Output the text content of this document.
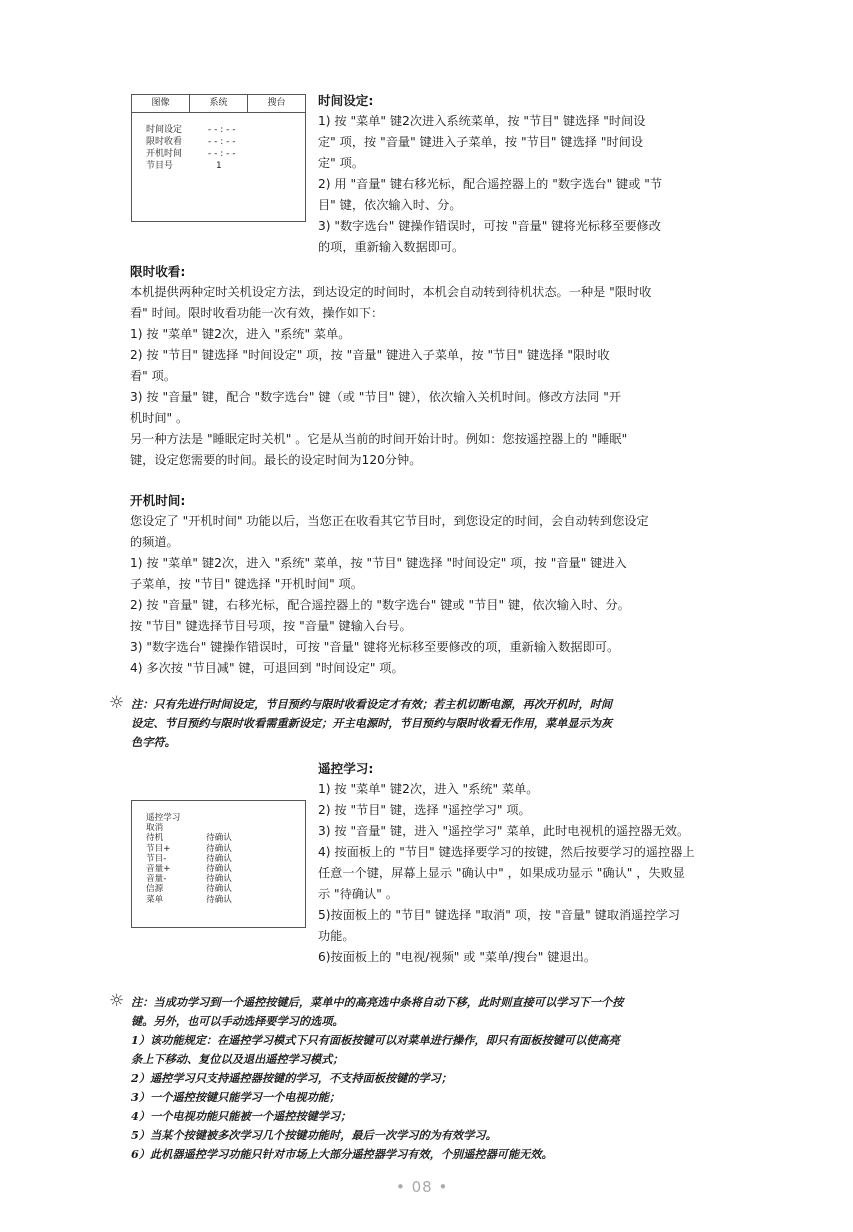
图像	系统	搜台
时间设定	- - : - -
限时收看	- - : - -
开机时间	- - : - -
节目号	1
时间设定:
1) 按 "菜单" 键2次进入系统菜单，按 "节目" 键选择 "时间设
定" 项，按 "音量" 键进入子菜单，按 "节目" 键选择 "时间设
定" 项。
2) 用 "音量" 键右移光标，配合遥控器上的 "数字选台" 键或 "节
目" 键，依次输入时、分。
3) "数字选台" 键操作错误时，可按 "音量" 键将光标移至要修改
的项，重新输入数据即可。
限时收看:
本机提供两种定时关机设定方法，到达设定的时间时，本机会自动转到待机状态。一种是 "限时收
看" 时间。限时收看功能一次有效，操作如下：
1) 按 "菜单" 键2次，进入 "系统" 菜单。
2) 按 "节目" 键选择 "时间设定" 项，按 "音量" 键进入子菜单，按 "节目" 键选择 "限时收
看" 项。
3) 按 "音量" 键，配合 "数字选台" 键（或 "节目" 键），依次输入关机时间。修改方法同 "开
机时间" 。
另一种方法是 "睡眠定时关机" 。它是从当前的时间开始计时。例如：您按遥控器上的 "睡眠"
键，设定您需要的时间。最长的设定时间为120分钟。
开机时间:
您设定了 "开机时间" 功能以后，当您正在收看其它节目时，到您设定的时间，会自动转到您设定
的频道。
1) 按 "菜单" 键2次，进入 "系统" 菜单，按 "节目" 键选择 "时间设定" 项，按 "音量" 键进入
子菜单，按 "节目" 键选择 "开机时间" 项。
2) 按 "音量" 键，右移光标，配合遥控器上的 "数字选台" 键或 "节目" 键，依次输入时、分。
按 "节目" 键选择节目号项，按 "音量" 键输入台号。
3) "数字选台" 键操作错误时，可按 "音量" 键将光标移至要修改的项，重新输入数据即可。
4) 多次按 "节目减" 键，可退回到 "时间设定" 项。
☼ 注：只有先进行时间设定，节目预约与限时收看设定才有效；若主机切断电源，再次开机时，时间
设定、节目预约与限时收看需重新设定；开主电源时，节目预约与限时收看无作用，菜单显示为灰
色字符。
遥控学习
取消
待机	待确认
节目+	待确认
节目-	待确认
音量+	待确认
音量-	待确认
信源	待确认
菜单	待确认
遥控学习:
1) 按 "菜单" 键2次，进入 "系统" 菜单。
2) 按 "节目" 键，选择 "遥控学习" 项。
3) 按 "音量" 键，进入 "遥控学习" 菜单，此时电视机的遥控器无效。
4) 按面板上的 "节目" 键选择要学习的按键，然后按要学习的遥控器上
任意一个键，屏幕上显示 "确认中" ，如果成功显示 "确认" ，失败显
示 "待确认" 。
5)按面板上的 "节目" 键选择 "取消" 项，按 "音量" 键取消遥控学习
功能。
6)按面板上的 "电视/视频" 或 "菜单/搜台" 键退出。
☼ 注：当成功学习到一个遥控按键后，菜单中的高亮选中条将自动下移，此时则直接可以学习下一个按
键。另外，也可以手动选择要学习的选项。
1）该功能规定：在遥控学习模式下只有面板按键可以对菜单进行操作，即只有面板按键可以使高亮
条上下移动、复位以及退出遥控学习模式；
2）遥控学习只支持遥控器按键的学习，不支持面板按键的学习；
3）一个遥控按键只能学习一个电视功能；
4）一个电视功能只能被一个遥控按键学习；
5）当某个按键被多次学习几个按键功能时，最后一次学习的为有效学习。
6）此机器遥控学习功能只针对市场上大部分遥控器学习有效，个别遥控器可能无效。
• 08 •
